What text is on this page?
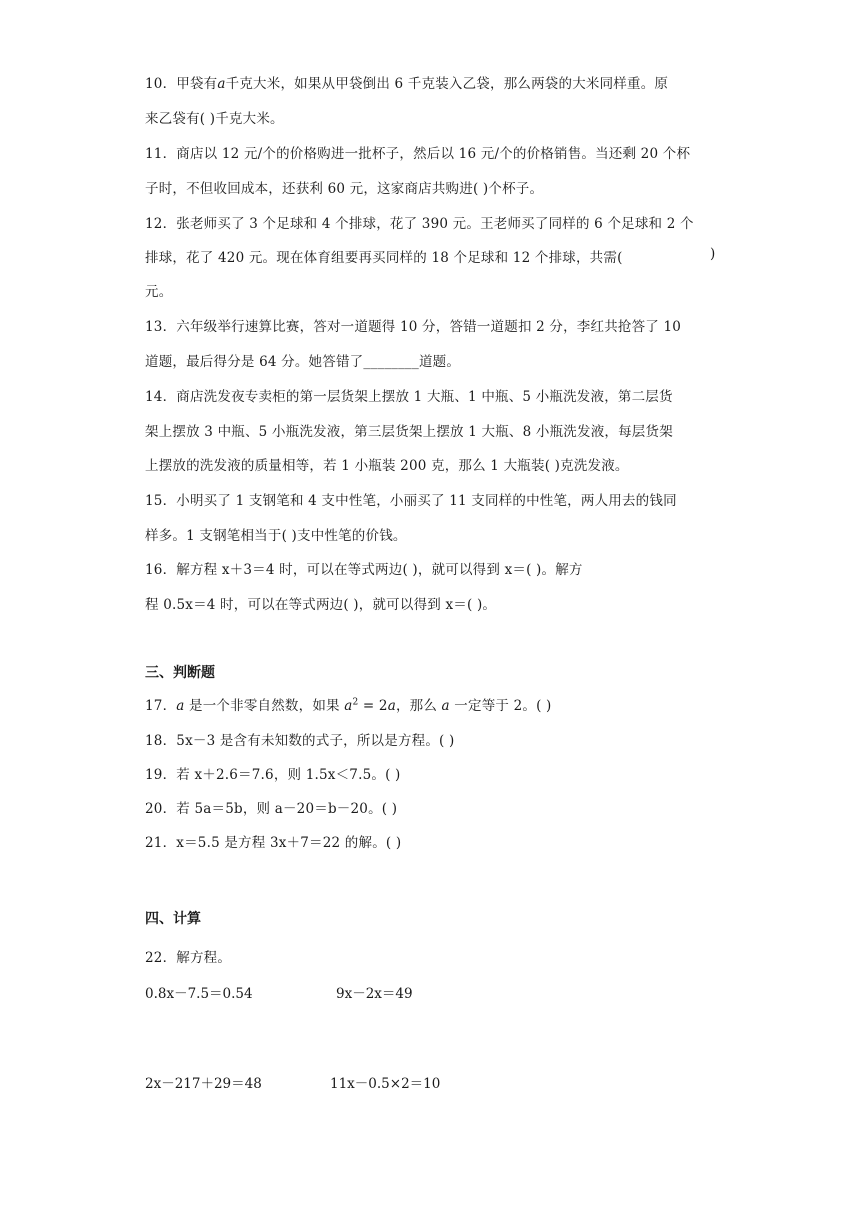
10．甲袋有a千克大米，如果从甲袋倒出 6 千克装入乙袋，那么两袋的大米同样重。原
来乙袋有( )千克大米。
11．商店以 12 元/个的价格购进一批杯子，然后以 16 元/个的价格销售。当还剩 20 个杯
子时，不但收回成本，还获利 60 元，这家商店共购进( )个杯子。
12．张老师买了 3 个足球和 4 个排球，花了 390 元。王老师买了同样的 6 个足球和 2 个
排球，花了 420 元。现在体育组要再买同样的 18 个足球和 12 个排球，共需(	)
元。
13．六年级举行速算比赛，答对一道题得 10 分，答错一道题扣 2 分，李红共抢答了 10
道题，最后得分是 64 分。她答错了________道题。
14．商店洗发夜专卖柜的第一层货架上摆放 1 大瓶、1 中瓶、5 小瓶洗发液，第二层货
架上摆放 3 中瓶、5 小瓶洗发液，第三层货架上摆放 1 大瓶、8 小瓶洗发液，每层货架
上摆放的洗发液的质量相等，若 1 小瓶装 200 克，那么 1 大瓶装( )克洗发液。
15．小明买了 1 支钢笔和 4 支中性笔，小丽买了 11 支同样的中性笔，两人用去的钱同
样多。1 支钢笔相当于( )支中性笔的价钱。
16．解方程 x＋3＝4 时，可以在等式两边( )，就可以得到 x＝( )。解方
程 0.5x＝4 时，可以在等式两边( )，就可以得到 x＝( )。
三、判断题
17．a 是一个非零自然数，如果 $a^2 = 2a$，那么 a 一定等于 2。( )
18．5x－3 是含有未知数的式子，所以是方程。( )
19．若 x＋2.6＝7.6，则 1.5x＜7.5。( )
20．若 5a＝5b，则 a－20＝b－20。( )
21．x＝5.5 是方程 3x＋7＝22 的解。( )
四、计算
22．解方程。
0.8x－7.5＝0.54	9x－2x＝49
2x－217＋29＝48	11x－0.5×2＝10
